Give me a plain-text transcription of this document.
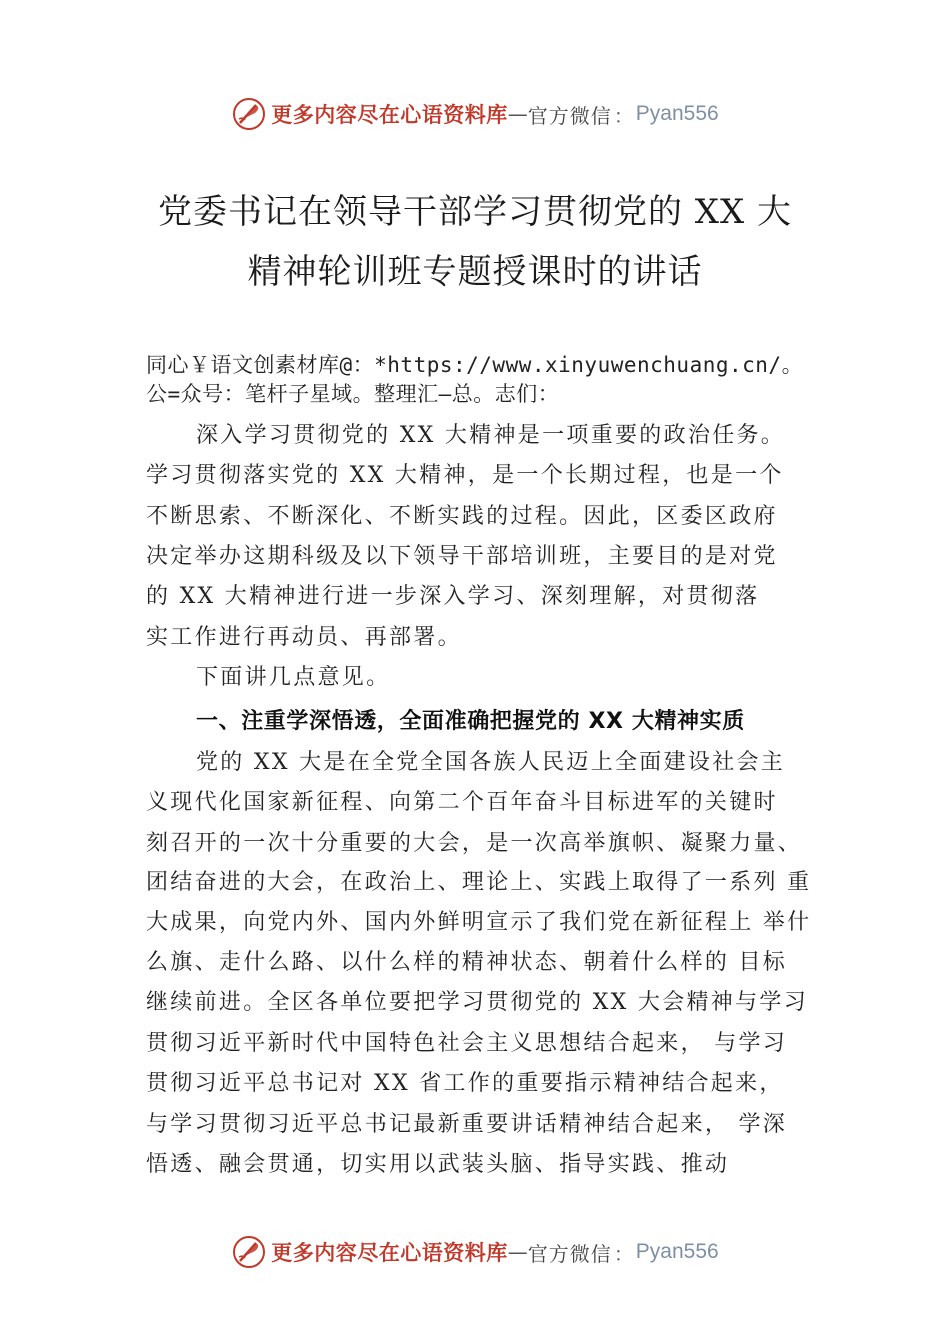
更多内容尽在心语资料库 — 官方微信 ： Pyan556
党委书记在领导干部学习贯彻党的 XX 大
精神轮训班专题授课时的讲话
同心￥语文创素材库@：*https://www.xinyuwenchuang.cn/。
公=众号：笔杆子星域。整理汇—总。志们：
深入学习贯彻党的 XX 大精神是一项重要的政治任务。
学习贯彻落实党的 XX 大精神，是一个长期过程，也是一个
不断思索、不断深化、不断实践的过程。因此，区委区政府
决定举办这期科级及以下领导干部培训班，主要目的是对党
的 XX 大精神进行进一步深入学习、深刻理解，对贯彻落
实工作进行再动员、再部署。
下面讲几点意见。
一、注重学深悟透，全面准确把握党的 XX 大精神实质
党的 XX 大是在全党全国各族人民迈上全面建设社会主
义现代化国家新征程、向第二个百年奋斗目标进军的关键时
刻召开的一次十分重要的大会，是一次高举旗帜、凝聚力量、
团结奋进的大会，在政治上、理论上、实践上取得了一系列 重
大成果，向党内外、国内外鲜明宣示了我们党在新征程上 举什
么旗、走什么路、以什么样的精神状态、朝着什么样的 目标
继续前进。全区各单位要把学习贯彻党的 XX 大会精神与学习
贯彻习近平新时代中国特色社会主义思想结合起来， 与学习
贯彻习近平总书记对 XX 省工作的重要指示精神结合起来，
与学习贯彻习近平总书记最新重要讲话精神结合起来， 学深
悟透、融会贯通，切实用以武装头脑、指导实践、推动
更多内容尽在心语资料库 — 官方微信 ： Pyan556
